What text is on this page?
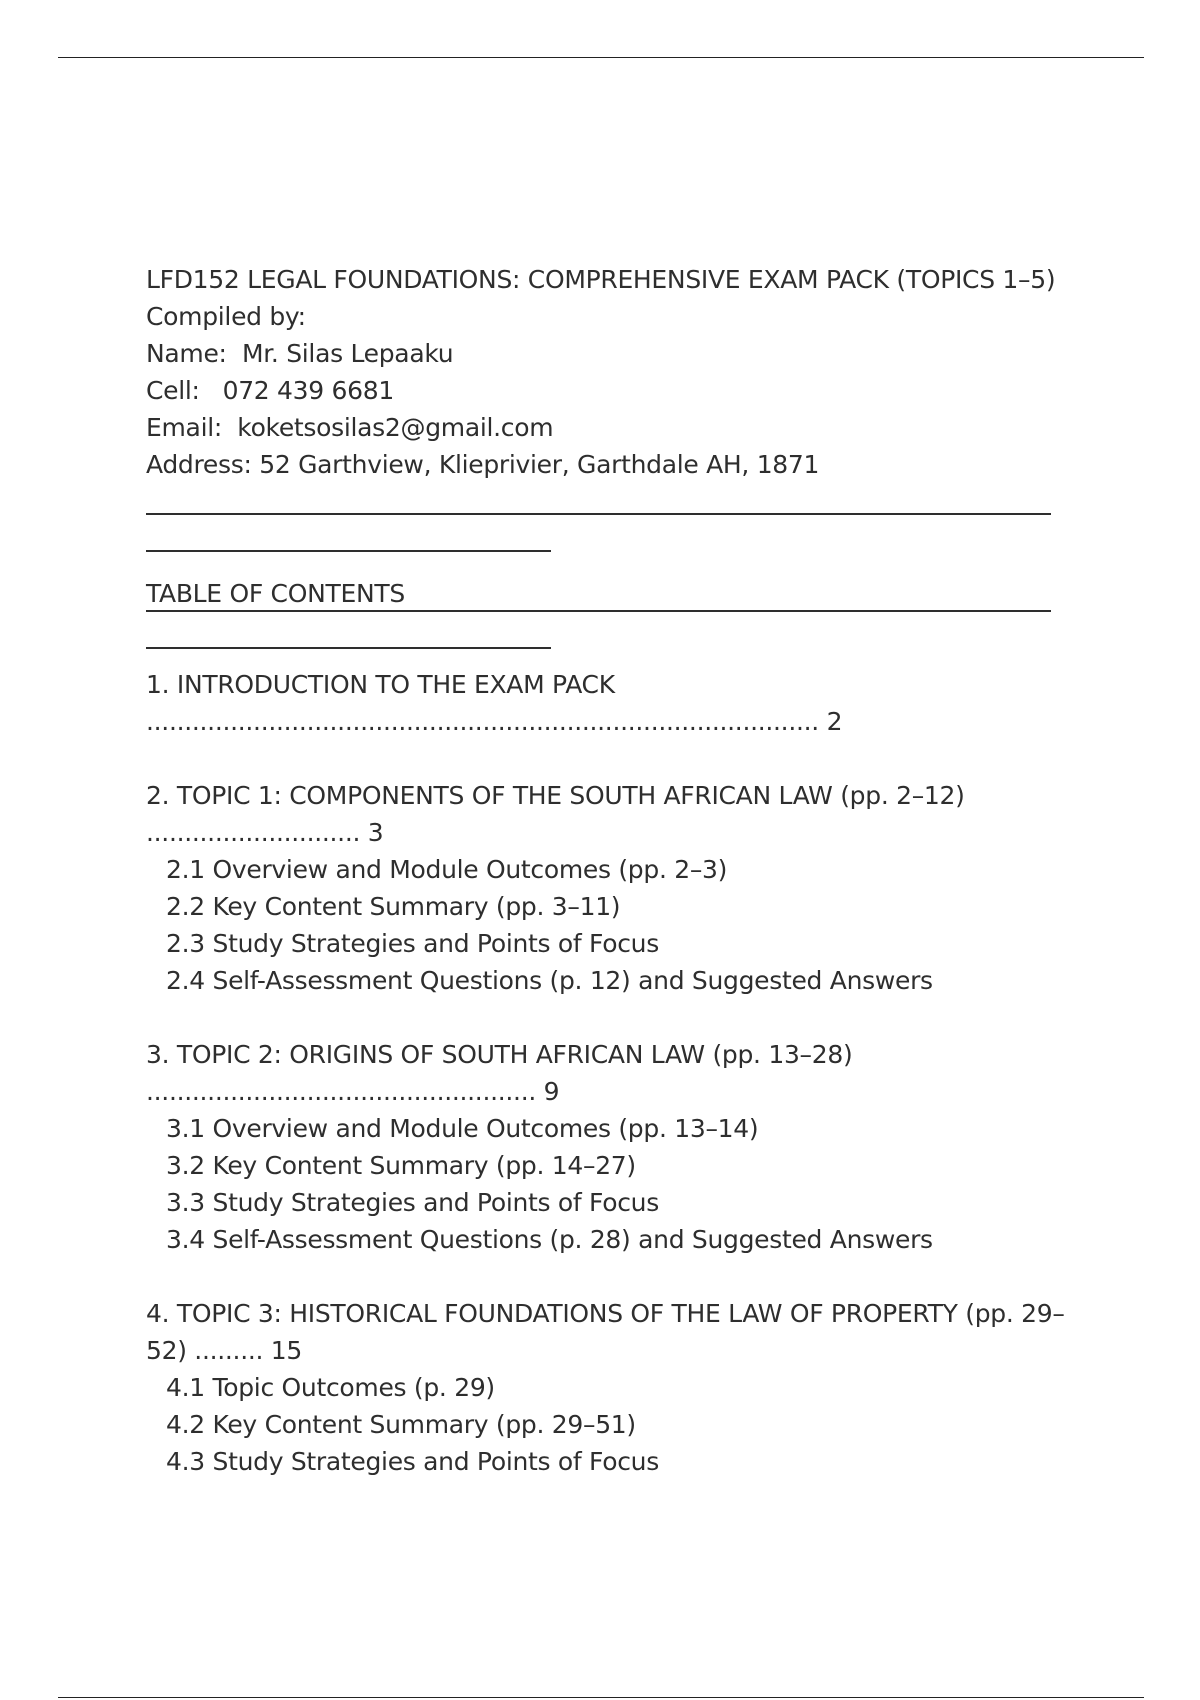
LFD152 LEGAL FOUNDATIONS: COMPREHENSIVE EXAM PACK (TOPICS 1–5)
Compiled by:
Name:  Mr. Silas Lepaaku
Cell:   072 439 6681
Email:  koketsosilas2@gmail.com
Address: 52 Garthview, Klieprivier, Garthdale AH, 1871
TABLE OF CONTENTS
1. INTRODUCTION TO THE EXAM PACK
........................................................................................ 2
2. TOPIC 1: COMPONENTS OF THE SOUTH AFRICAN LAW (pp. 2–12)
............................ 3
2.1 Overview and Module Outcomes (pp. 2–3)
2.2 Key Content Summary (pp. 3–11)
2.3 Study Strategies and Points of Focus
2.4 Self-Assessment Questions (p. 12) and Suggested Answers
3. TOPIC 2: ORIGINS OF SOUTH AFRICAN LAW (pp. 13–28)
................................................... 9
3.1 Overview and Module Outcomes (pp. 13–14)
3.2 Key Content Summary (pp. 14–27)
3.3 Study Strategies and Points of Focus
3.4 Self-Assessment Questions (p. 28) and Suggested Answers
4. TOPIC 3: HISTORICAL FOUNDATIONS OF THE LAW OF PROPERTY (pp. 29–52) ......... 15
4.1 Topic Outcomes (p. 29)
4.2 Key Content Summary (pp. 29–51)
4.3 Study Strategies and Points of Focus
